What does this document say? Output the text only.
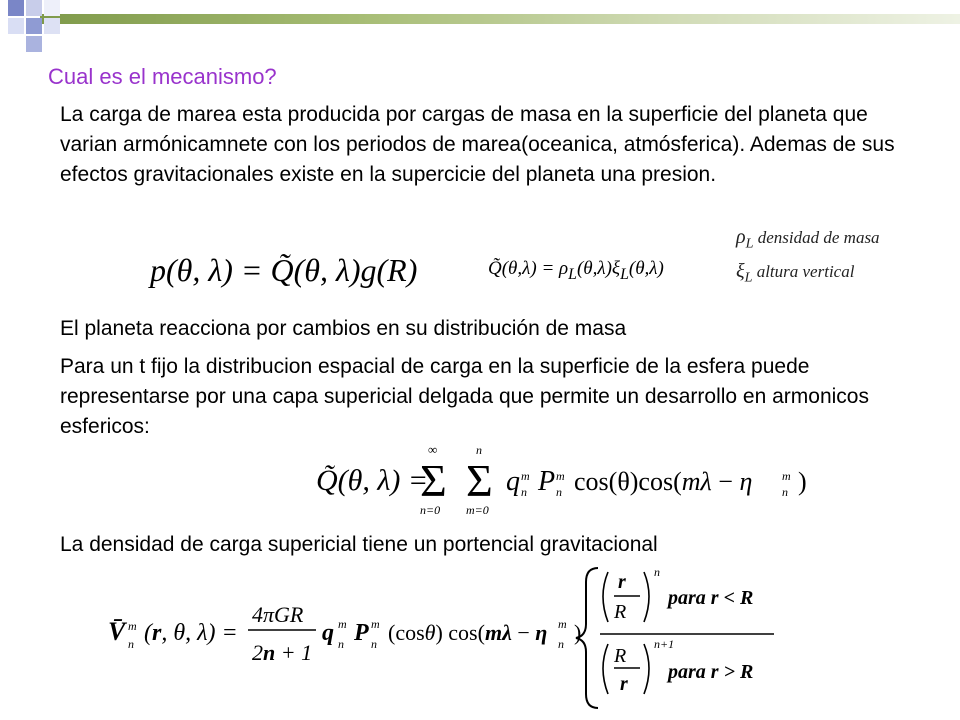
Cual es el mecanismo?

La carga de marea esta producida por cargas de masa en la superficie del planeta que varian armónicamnete con los periodos de marea(oceanica, atmósferica). Ademas de sus efectos gravitacionales existe en la supercicie del planeta una presion.

p(θ, λ) = Q̃(θ, λ)g(R)	Q̃(θ,λ) = $\rho_L(\theta,\lambda)\xi_L(\theta,\lambda)$
$\rho_L$ densidad de masa
$\xi_L$ altura vertical

El planeta reacciona por cambios en su distribución de masa

Para un t fijo la distribucion espacial de carga en la superficie de la esfera puede representarse por una capa supericial delgada que permite un desarrollo en armonicos esfericos:

Q̃(θ, λ) =
∞
Σ
n=0
n
Σ
m=0
q m
n P m
n cos(θ)cos(mλ − η m
n )

La densidad de carga supericial tiene un portencial gravitacional

V̄ m
n (r, θ, λ) =
4πGR
2n + 1
q m
n P m
n (cosθ) cos(mλ − η m
n )
r
R
n
para r < R
R
r
n+1
para r > R
